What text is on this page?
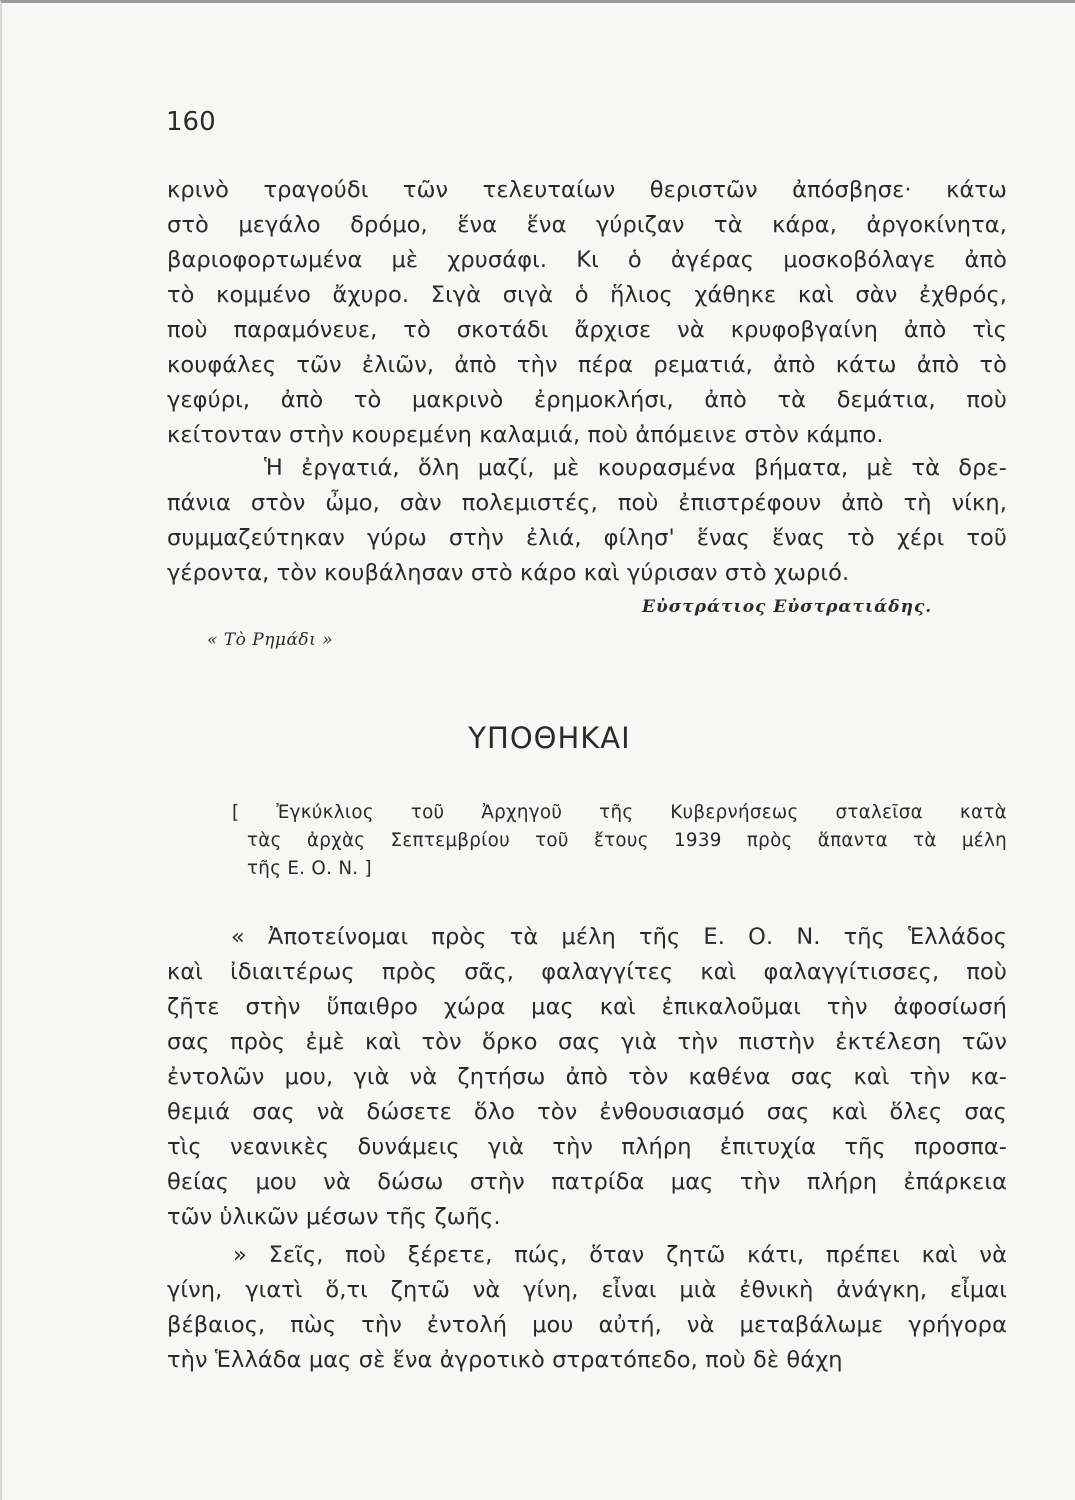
160
κρινὸ τραγούδι τῶν τελευταίων θεριστῶν ἀπόσβησε· κάτω
στὸ μεγάλο δρόμο, ἕνα ἕνα γύριζαν τὰ κάρα, ἀργοκίνητα,
βαριοφορτωμένα μὲ χρυσάφι. Κι ὁ ἀγέρας μοσκοβόλαγε ἀπὸ
τὸ κομμένο ἄχυρο. Σιγὰ σιγὰ ὁ ἥλιος χάθηκε καὶ σὰν ἐχθρός,
ποὺ παραμόνευε, τὸ σκοτάδι ἄρχισε νὰ κρυφοβγαίνη ἀπὸ τὶς
κουφάλες τῶν ἐλιῶν, ἀπὸ τὴν πέρα ρεματιά, ἀπὸ κάτω ἀπὸ τὸ
γεφύρι, ἀπὸ τὸ μακρινὸ ἐρημοκλήσι, ἀπὸ τὰ δεμάτια, ποὺ
κείτονταν στὴν κουρεμένη καλαμιά, ποὺ ἀπόμεινε στὸν κάμπο.
Ἡ ἐργατιά, ὅλη μαζί, μὲ κουρασμένα βήματα, μὲ τὰ δρε-
πάνια στὸν ὦμο, σὰν πολεμιστές, ποὺ ἐπιστρέφουν ἀπὸ τὴ νίκη,
συμμαζεύτηκαν γύρω στὴν ἐλιά, φίλησ' ἕνας ἕνας τὸ χέρι τοῦ
γέροντα, τὸν κουβάλησαν στὸ κάρο καὶ γύρισαν στὸ χωριό.
Εὐστράτιος Εὐστρατιάδης.
« Τὸ Ρημάδι »
ΥΠΟΘΗΚΑΙ
[ Ἐγκύκλιος τοῦ Ἀρχηγοῦ τῆς Κυβερνήσεως σταλεῖσα κατὰ
τὰς ἀρχὰς Σεπτεμβρίου τοῦ ἔτους 1939 πρὸς ἅπαντα τὰ μέλη
τῆς Ε. Ο. Ν. ]
« Ἀποτείνομαι πρὸς τὰ μέλη τῆς Ε. Ο. Ν. τῆς Ἑλλάδος
καὶ ἰδιαιτέρως πρὸς σᾶς, φαλαγγίτες καὶ φαλαγγίτισσες, ποὺ
ζῆτε στὴν ὕπαιθρο χώρα μας καὶ ἐπικαλοῦμαι τὴν ἀφοσίωσή
σας πρὸς ἐμὲ καὶ τὸν ὅρκο σας γιὰ τὴν πιστὴν ἐκτέλεση τῶν
ἐντολῶν μου, γιὰ νὰ ζητήσω ἀπὸ τὸν καθένα σας καὶ τὴν κα-
θεμιά σας νὰ δώσετε ὅλο τὸν ἐνθουσιασμό σας καὶ ὅλες σας
τὶς νεανικὲς δυνάμεις γιὰ τὴν πλήρη ἐπιτυχία τῆς προσπα-
θείας μου νὰ δώσω στὴν πατρίδα μας τὴν πλήρη ἐπάρκεια
τῶν ὑλικῶν μέσων τῆς ζωῆς.
» Σεῖς, ποὺ ξέρετε, πώς, ὅταν ζητῶ κάτι, πρέπει καὶ νὰ
γίνη, γιατὶ ὅ,τι ζητῶ νὰ γίνη, εἶναι μιὰ ἐθνικὴ ἀνάγκη, εἶμαι
βέβαιος, πὼς τὴν ἐντολή μου αὐτή, νὰ μεταβάλωμε γρήγορα
τὴν Ἑλλάδα μας σὲ ἕνα ἀγροτικὸ στρατόπεδο, ποὺ δὲ θάχη
